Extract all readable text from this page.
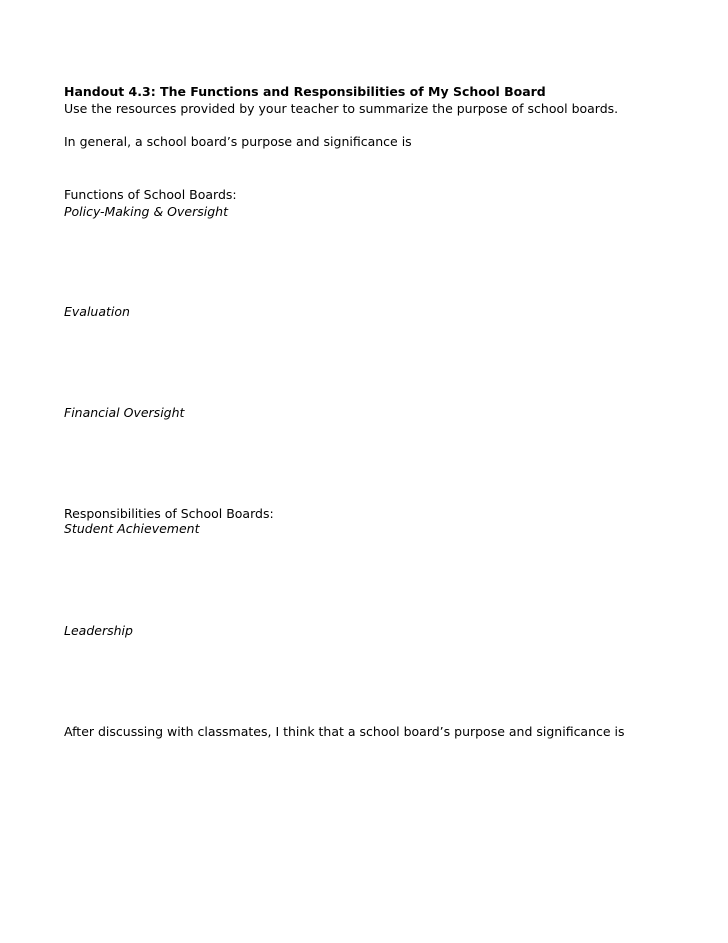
Handout 4.3: The Functions and Responsibilities of My School Board

Use the resources provided by your teacher to summarize the purpose of school boards.

In general, a school board’s purpose and significance is

Functions of School Boards:

Policy-Making & Oversight

Evaluation

Financial Oversight

Responsibilities of School Boards:

Student Achievement

Leadership

After discussing with classmates, I think that a school board’s purpose and significance is
